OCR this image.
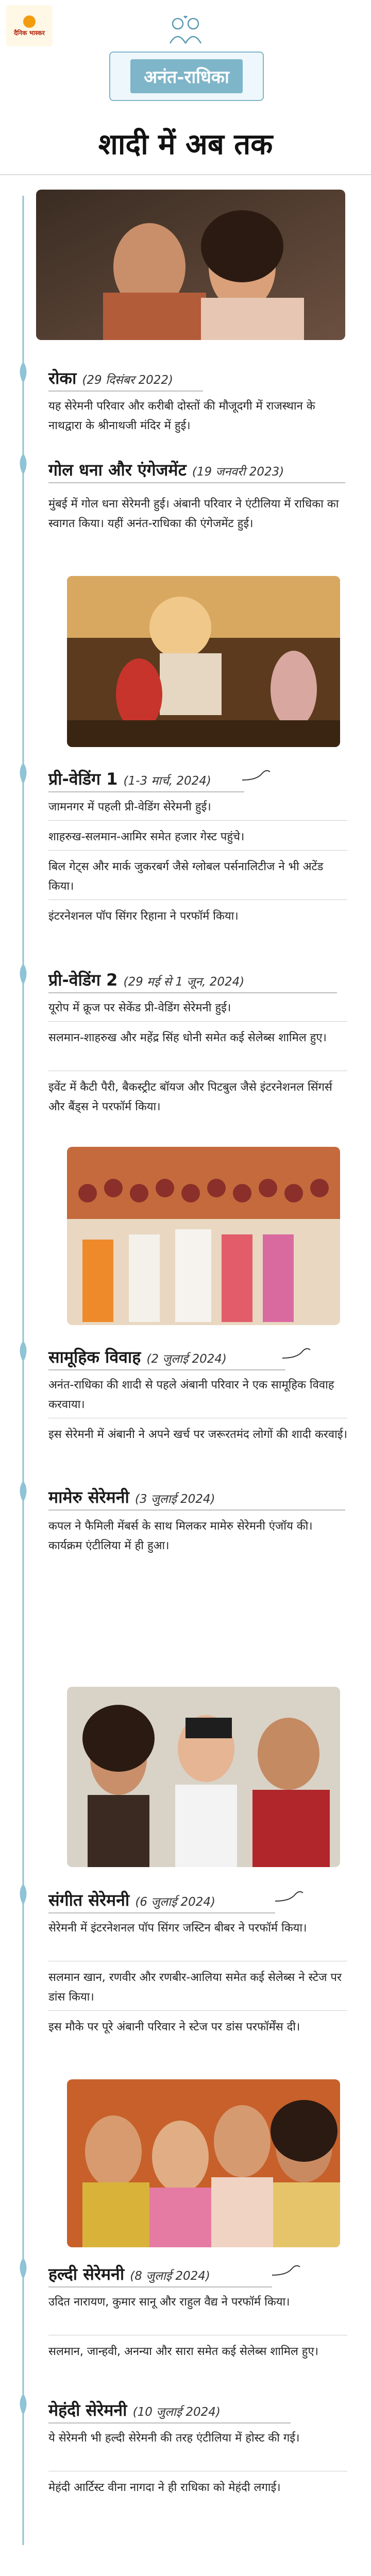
दैनिक भास्कर
अनंत-राधिका
शादी में अब तक
रोका (29 दिसंबर 2022)
यह सेरेमनी परिवार और करीबी दोस्तों की मौजूदगी में राजस्थान के नाथद्वारा के श्रीनाथजी मंदिर में हुई।
गोल धना और एंगेजमेंट (19 जनवरी 2023)
मुंबई में गोल धना सेरेमनी हुई। अंबानी परिवार ने एंटीलिया में राधिका का स्वागत किया। यहीं अनंत-राधिका की एंगेजमेंट हुई।
प्री-वेडिंग 1 (1-3 मार्च, 2024)
जामनगर में पहली प्री-वेडिंग सेरेमनी हुई।
शाहरुख-सलमान-आमिर समेत हजार गेस्ट पहुंचे।
बिल गेट्स और मार्क जुकरबर्ग जैसे ग्लोबल पर्सनालिटीज ने भी अटेंड किया।
इंटरनेशनल पॉप सिंगर रिहाना ने परफॉर्म किया।
प्री-वेडिंग 2 (29 मई से 1 जून, 2024)
यूरोप में क्रूज पर सेकेंड प्री-वेडिंग सेरेमनी हुई।
सलमान-शाहरुख और महेंद्र सिंह धोनी समेत कई सेलेब्स शामिल हुए।
इवेंट में कैटी पैरी, बैकस्ट्रीट बॉयज और पिटबुल जैसे इंटरनेशनल सिंगर्स और बैंड्स ने परफॉर्म किया।
सामूहिक विवाह (2 जुलाई 2024)
अनंत-राधिका की शादी से पहले अंबानी परिवार ने एक सामूहिक विवाह करवाया।
इस सेरेमनी में अंबानी ने अपने खर्च पर जरूरतमंद लोगों की शादी करवाई।
मामेरु सेरेमनी (3 जुलाई 2024)
कपल ने फैमिली मेंबर्स के साथ मिलकर मामेरु सेरेमनी एंजॉय की। कार्यक्रम एंटीलिया में ही हुआ।
संगीत सेरेमनी (6 जुलाई 2024)
सेरेमनी में इंटरनेशनल पॉप सिंगर जस्टिन बीबर ने परफॉर्म किया।
सलमान खान, रणवीर और रणबीर-आलिया समेत कई सेलेब्स ने स्टेज पर डांस किया।
इस मौके पर पूरे अंबानी परिवार ने स्टेज पर डांस परफॉर्मेंस दी।
हल्दी सेरेमनी (8 जुलाई 2024)
उदित नारायण, कुमार सानू और राहुल वैद्य ने परफॉर्म किया।
सलमान, जान्हवी, अनन्या और सारा समेत कई सेलेब्स शामिल हुए।
मेहंदी सेरेमनी (10 जुलाई 2024)
ये सेरेमनी भी हल्दी सेरेमनी की तरह एंटीलिया में होस्ट की गई।
मेहंदी आर्टिस्ट वीना नागदा ने ही राधिका को मेहंदी लगाई।
